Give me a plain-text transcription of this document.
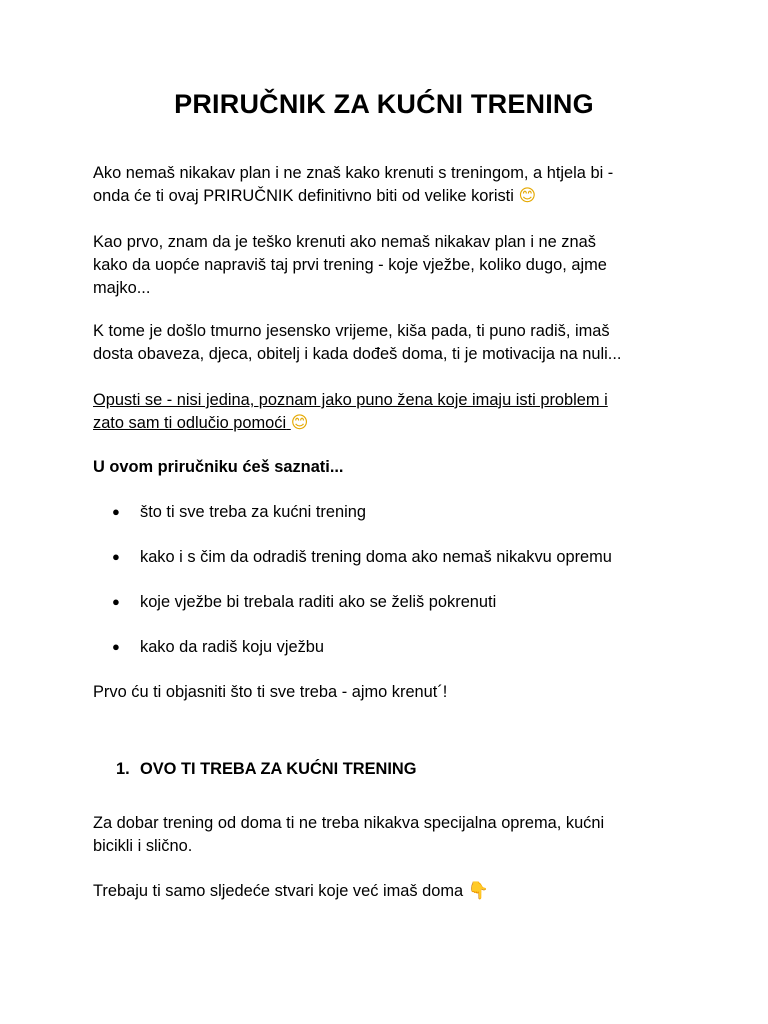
PRIRUČNIK ZA KUĆNI TRENING

Ako nemaš nikakav plan i ne znaš kako krenuti s treningom, a htjela bi -
onda će ti ovaj PRIRUČNIK definitivno biti od velike koristi 😊

Kao prvo, znam da je teško krenuti ako nemaš nikakav plan i ne znaš
kako da uopće napraviš taj prvi trening - koje vježbe, koliko dugo, ajme
majko...

K tome je došlo tmurno jesensko vrijeme, kiša pada, ti puno radiš, imaš
dosta obaveza, djeca, obitelj i kada dođeš doma, ti je motivacija na nuli...

Opusti se - nisi jedina, poznam jako puno žena koje imaju isti problem i
zato sam ti odlučio pomoći 😊

U ovom priručniku ćeš saznati...

● što ti sve treba za kućni trening
● kako i s čim da odradiš trening doma ako nemaš nikakvu opremu
● koje vježbe bi trebala raditi ako se želiš pokrenuti
● kako da radiš koju vježbu

Prvo ću ti objasniti što ti sve treba - ajmo krenut´!

1. OVO TI TREBA ZA KUĆNI TRENING

Za dobar trening od doma ti ne treba nikakva specijalna oprema, kućni
bicikli i slično.

Trebaju ti samo sljedeće stvari koje već imaš doma 👇
